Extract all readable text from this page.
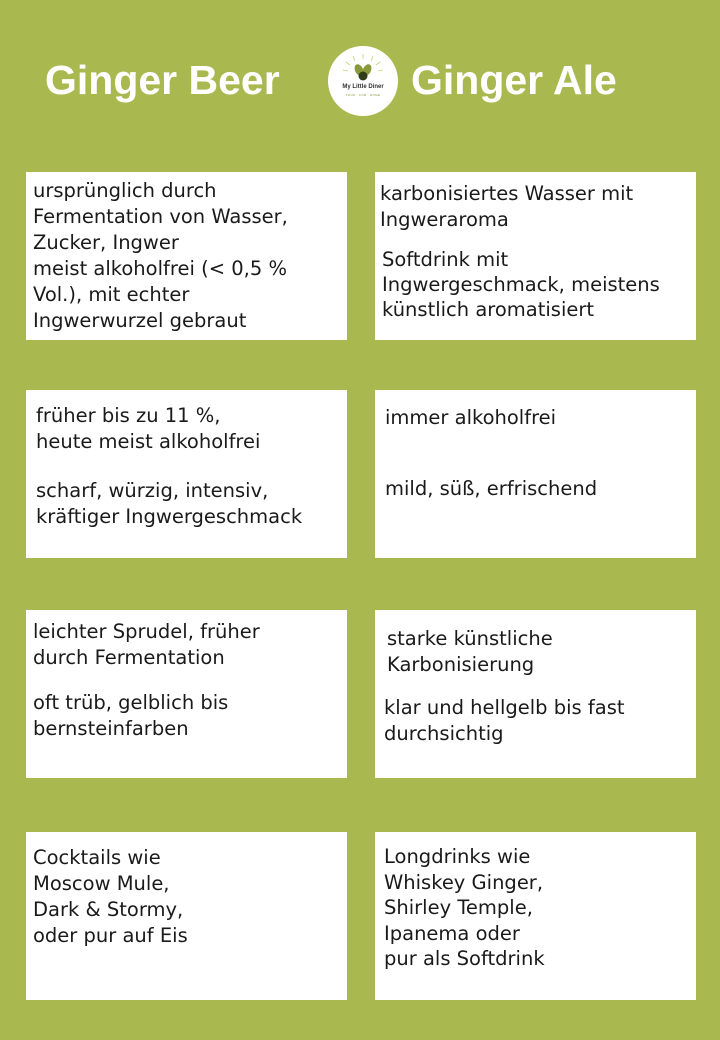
Ginger Beer	My Little Diner
FOOD · FOR · HOME Ginger Ale

ursprünglich durch
Fermentation von Wasser,
Zucker, Ingwer
meist alkoholfrei (< 0,5 %
Vol.), mit echter
Ingwerwurzel gebraut

karbonisiertes Wasser mit
Ingweraroma

Softdrink mit
Ingwergeschmack, meistens
künstlich aromatisiert

früher bis zu 11 %,
heute meist alkoholfrei

scharf, würzig, intensiv,
kräftiger Ingwergeschmack

immer alkoholfrei

mild, süß, erfrischend

leichter Sprudel, früher
durch Fermentation

oft trüb, gelblich bis
bernsteinfarben

starke künstliche
Karbonisierung

klar und hellgelb bis fast
durchsichtig

Cocktails wie
Moscow Mule,
Dark & Stormy,
oder pur auf Eis

Longdrinks wie
Whiskey Ginger,
Shirley Temple,
Ipanema oder
pur als Softdrink
